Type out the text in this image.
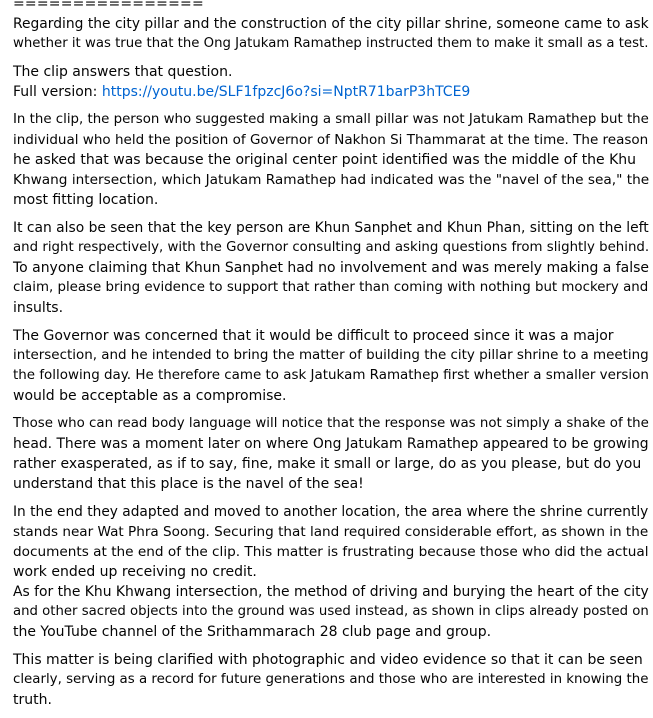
================
Regarding the city pillar and the construction of the city pillar shrine, someone came to ask
whether it was true that the Ong Jatukam Ramathep instructed them to make it small as a test.
The clip answers that question.
Full version: https://youtu.be/SLF1fpzcJ6o?si=NptR71barP3hTCE9
In the clip, the person who suggested making a small pillar was not Jatukam Ramathep but the
individual who held the position of Governor of Nakhon Si Thammarat at the time. The reason
he asked that was because the original center point identified was the middle of the Khu
Khwang intersection, which Jatukam Ramathep had indicated was the "navel of the sea," the
most fitting location.
It can also be seen that the key person are Khun Sanphet and Khun Phan, sitting on the left
and right respectively, with the Governor consulting and asking questions from slightly behind.
To anyone claiming that Khun Sanphet had no involvement and was merely making a false
claim, please bring evidence to support that rather than coming with nothing but mockery and
insults.
The Governor was concerned that it would be difficult to proceed since it was a major
intersection, and he intended to bring the matter of building the city pillar shrine to a meeting
the following day. He therefore came to ask Jatukam Ramathep first whether a smaller version
would be acceptable as a compromise.
Those who can read body language will notice that the response was not simply a shake of the
head. There was a moment later on where Ong Jatukam Ramathep appeared to be growing
rather exasperated, as if to say, fine, make it small or large, do as you please, but do you
understand that this place is the navel of the sea!
In the end they adapted and moved to another location, the area where the shrine currently
stands near Wat Phra Soong. Securing that land required considerable effort, as shown in the
documents at the end of the clip. This matter is frustrating because those who did the actual
work ended up receiving no credit.
As for the Khu Khwang intersection, the method of driving and burying the heart of the city
and other sacred objects into the ground was used instead, as shown in clips already posted on
the YouTube channel of the Srithammarach 28 club page and group.
This matter is being clarified with photographic and video evidence so that it can be seen
clearly, serving as a record for future generations and those who are interested in knowing the
truth.
